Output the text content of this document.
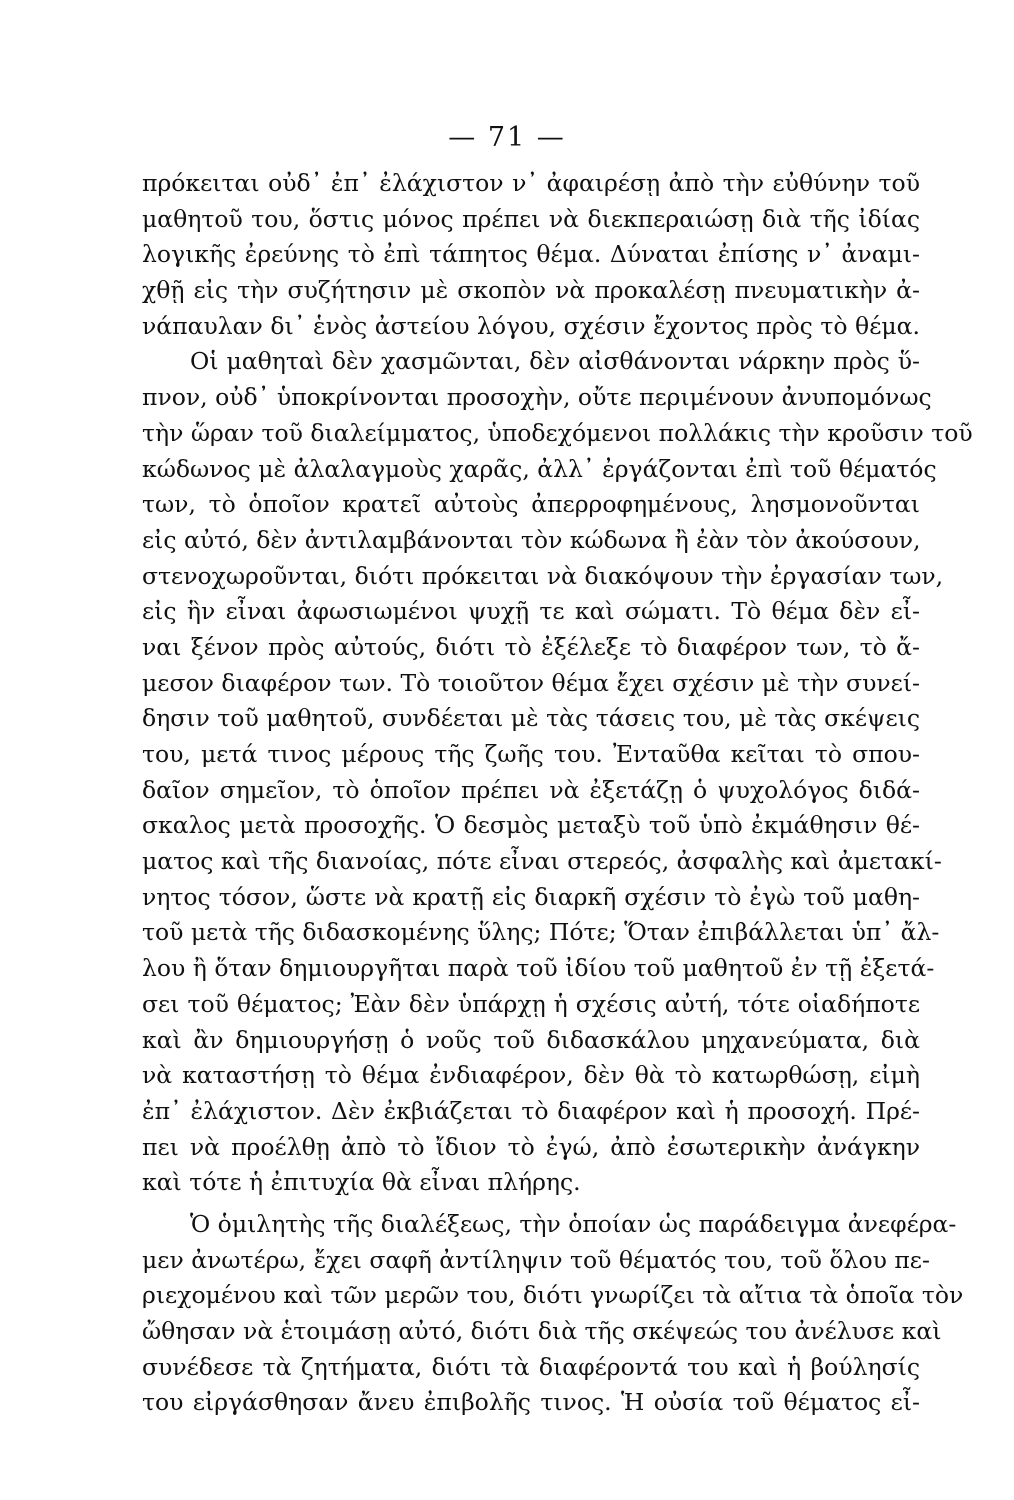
— 71 —
πρόκειται οὐδ᾽ ἐπ᾽ ἐλάχιστον ν᾽ ἀφαιρέσῃ ἀπὸ τὴν εὐθύνην τοῦ
μαθητοῦ του, ὅστις μόνος πρέπει νὰ διεκπεραιώσῃ διὰ τῆς ἰδίας
λογικῆς ἐρεύνης τὸ ἐπὶ τάπητος θέμα. Δύναται ἐπίσης ν᾽ ἀναμι-
χθῇ εἰς τὴν συζήτησιν μὲ σκοπὸν νὰ προκαλέσῃ πνευματικὴν ἀ-
νάπαυλαν δι᾽ ἑνὸς ἀστείου λόγου, σχέσιν ἔχοντος πρὸς τὸ θέμα.
Οἱ μαθηταὶ δὲν χασμῶνται, δὲν αἰσθάνονται νάρκην πρὸς ὕ-
πνον, οὐδ᾽ ὑποκρίνονται προσοχὴν, οὔτε περιμένουν ἀνυπομόνως
τὴν ὥραν τοῦ διαλείμματος, ὑποδεχόμενοι πολλάκις τὴν κροῦσιν τοῦ
κώδωνος μὲ ἀλαλαγμοὺς χαρᾶς, ἀλλ᾽ ἐργάζονται ἐπὶ τοῦ θέματός
των, τὸ ὁποῖον κρατεῖ αὐτοὺς ἀπερροφημένους, λησμονοῦνται
εἰς αὐτό, δὲν ἀντιλαμβάνονται τὸν κώδωνα ἢ ἐὰν τὸν ἀκούσουν,
στενοχωροῦνται, διότι πρόκειται νὰ διακόψουν τὴν ἐργασίαν των,
εἰς ἣν εἶναι ἀφωσιωμένοι ψυχῇ τε καὶ σώματι. Τὸ θέμα δὲν εἶ-
ναι ξένον πρὸς αὐτούς, διότι τὸ ἐξέλεξε τὸ διαφέρον των, τὸ ἄ-
μεσον διαφέρον των. Τὸ τοιοῦτον θέμα ἔχει σχέσιν μὲ τὴν συνεί-
δησιν τοῦ μαθητοῦ, συνδέεται μὲ τὰς τάσεις του, μὲ τὰς σκέψεις
του, μετά τινος μέρους τῆς ζωῆς του. Ἐνταῦθα κεῖται τὸ σπου-
δαῖον σημεῖον, τὸ ὁποῖον πρέπει νὰ ἐξετάζῃ ὁ ψυχολόγος διδά-
σκαλος μετὰ προσοχῆς. Ὁ δεσμὸς μεταξὺ τοῦ ὑπὸ ἐκμάθησιν θέ-
ματος καὶ τῆς διανοίας, πότε εἶναι στερεός, ἀσφαλὴς καὶ ἀμετακί-
νητος τόσον, ὥστε νὰ κρατῇ εἰς διαρκῆ σχέσιν τὸ ἐγὼ τοῦ μαθη-
τοῦ μετὰ τῆς διδασκομένης ὕλης; Πότε; Ὅταν ἐπιβάλλεται ὑπ᾽ ἄλ-
λου ἢ ὅταν δημιουργῆται παρὰ τοῦ ἰδίου τοῦ μαθητοῦ ἐν τῇ ἐξετά-
σει τοῦ θέματος; Ἐὰν δὲν ὑπάρχῃ ἡ σχέσις αὐτή, τότε οἱαδήποτε
καὶ ἂν δημιουργήσῃ ὁ νοῦς τοῦ διδασκάλου μηχανεύματα, διὰ
νὰ καταστήσῃ τὸ θέμα ἐνδιαφέρον, δὲν θὰ τὸ κατωρθώσῃ, εἰμὴ
ἐπ᾽ ἐλάχιστον. Δὲν ἐκβιάζεται τὸ διαφέρον καὶ ἡ προσοχή. Πρέ-
πει νὰ προέλθῃ ἀπὸ τὸ ἴδιον τὸ ἐγώ, ἀπὸ ἐσωτερικὴν ἀνάγκην
καὶ τότε ἡ ἐπιτυχία θὰ εἶναι πλήρης.
Ὁ ὁμιλητὴς τῆς διαλέξεως, τὴν ὁποίαν ὡς παράδειγμα ἀνεφέρα-
μεν ἀνωτέρω, ἔχει σαφῆ ἀντίληψιν τοῦ θέματός του, τοῦ ὅλου πε-
ριεχομένου καὶ τῶν μερῶν του, διότι γνωρίζει τὰ αἴτια τὰ ὁποῖα τὸν
ὤθησαν νὰ ἑτοιμάσῃ αὐτό, διότι διὰ τῆς σκέψεώς του ἀνέλυσε καὶ
συνέδεσε τὰ ζητήματα, διότι τὰ διαφέροντά του καὶ ἡ βούλησίς
του εἰργάσθησαν ἄνευ ἐπιβολῆς τινος. Ἡ οὐσία τοῦ θέματος εἶ-
